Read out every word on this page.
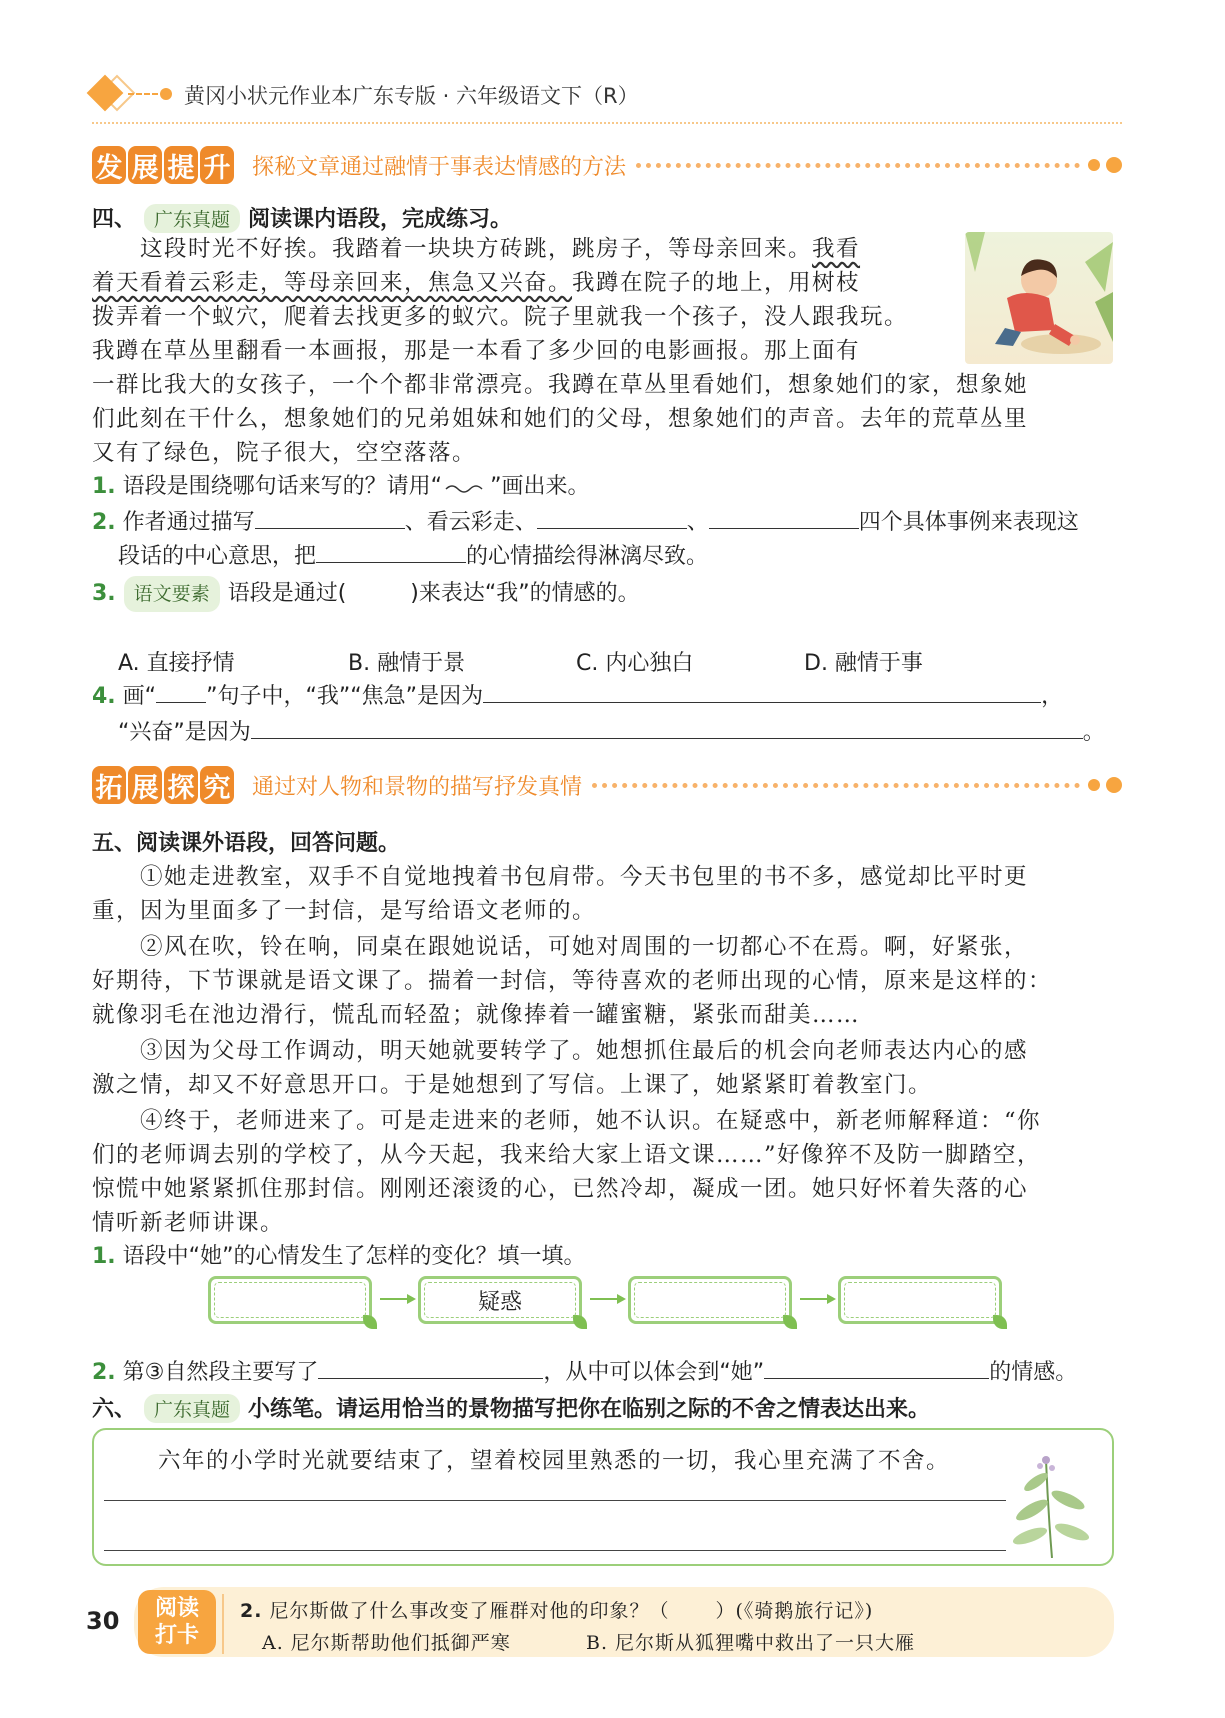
黄冈小状元作业本广东专版 · 六年级语文下（R）
发 展 提 升 探秘文章通过融情于事表达情感的方法
四、 广东真题 阅读课内语段，完成练习。
这段时光不好挨。我踏着一块块方砖跳，跳房子，等母亲回来。我看
着天看着云彩走，等母亲回来，焦急又兴奋。我蹲在院子的地上，用树枝
拨弄着一个蚁穴，爬着去找更多的蚁穴。院子里就我一个孩子，没人跟我玩。
我蹲在草丛里翻看一本画报，那是一本看了多少回的电影画报。那上面有
一群比我大的女孩子，一个个都非常漂亮。我蹲在草丛里看她们，想象她们的家，想象她
们此刻在干什么，想象她们的兄弟姐妹和她们的父母，想象她们的声音。去年的荒草丛里
又有了绿色，院子很大，空空落落。
1. 语段是围绕哪句话来写的？请用“ ”画出来。
2. 作者通过描写	、看云彩走、	、	四个具体事例来表现这
段话的中心意思，把	的心情描绘得淋漓尽致。
3. 语文要素 语段是通过(	)来表达“我”的情感的。
A. 直接抒情	B. 融情于景	C. 内心独白	D. 融情于事
4. 画“ ”句子中，“我”“焦急”是因为	，
“兴奋”是因为	。
拓 展 探 究 通过对人物和景物的描写抒发真情
五、阅读课外语段，回答问题。
①她走进教室，双手不自觉地拽着书包肩带。今天书包里的书不多，感觉却比平时更
重，因为里面多了一封信，是写给语文老师的。
②风在吹，铃在响，同桌在跟她说话，可她对周围的一切都心不在焉。啊，好紧张，
好期待，下节课就是语文课了。揣着一封信，等待喜欢的老师出现的心情，原来是这样的：
就像羽毛在池边滑行，慌乱而轻盈；就像捧着一罐蜜糖，紧张而甜美……
③因为父母工作调动，明天她就要转学了。她想抓住最后的机会向老师表达内心的感
激之情，却又不好意思开口。于是她想到了写信。上课了，她紧紧盯着教室门。
④终于，老师进来了。可是走进来的老师，她不认识。在疑惑中，新老师解释道：“你
们的老师调去别的学校了，从今天起，我来给大家上语文课……”好像猝不及防一脚踏空，
惊慌中她紧紧抓住那封信。刚刚还滚烫的心，已然冷却，凝成一团。她只好怀着失落的心
情听新老师讲课。
1. 语段中“她”的心情发生了怎样的变化？填一填。
疑惑
2. 第③自然段主要写了	，从中可以体会到“她”	的情感。
六、 广东真题 小练笔。请运用恰当的景物描写把你在临别之际的不舍之情表达出来。
六年的小学时光就要结束了，望着校园里熟悉的一切，我心里充满了不舍。
30 阅读
打卡
2. 尼尔斯做了什么事改变了雁群对他的印象？（ ）(《骑鹅旅行记》)
A. 尼尔斯帮助他们抵御严寒	B. 尼尔斯从狐狸嘴中救出了一只大雁
